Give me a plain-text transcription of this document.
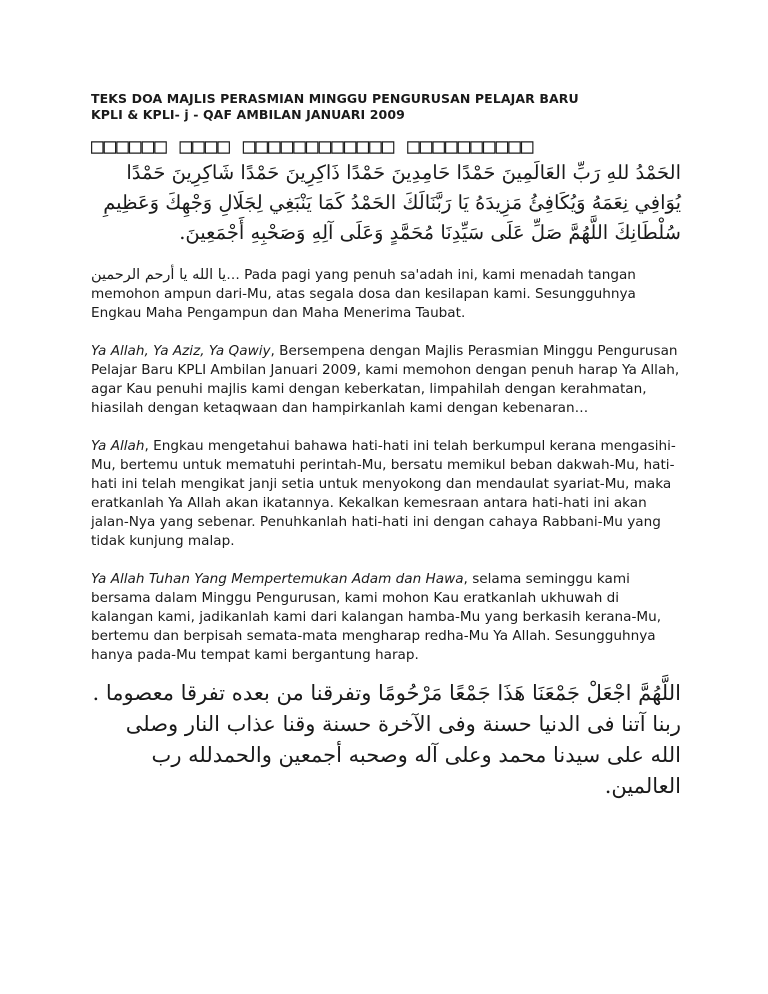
TEKS DOA MAJLIS PERASMIAN MINGGU PENGURUSAN PELAJAR BARU
KPLI & KPLI- j - QAF AMBILAN JANUARI 2009

□□□□□□ □□□□ □□□□□□□□□□□□ □□□□□□□□□□

الحَمْدُ للهِ رَبِّ العَالَمِينَ حَمْدًا حَامِدِينَ حَمْدًا ذَاكِرِينَ حَمْدًا شَاكِرِينَ حَمْدًا يُوَافِي نِعَمَهُ وَيُكَافِئُ مَزِيدَهُ يَا رَبَّنَالَكَ الحَمْدُ كَمَا يَنْبَغِي لِجَلَالِ وَجْهِكَ وَعَظِيمِ سُلْطَانِكَ اللَّهُمَّ صَلِّ عَلَى سَيِّدِنَا مُحَمَّدٍ وَعَلَى آلِهِ وَصَحْبِهِ أَجْمَعِينَ.

يا الله يا أرحم الرحمين… Pada pagi yang penuh sa'adah ini, kami menadah tangan memohon ampun dari-Mu, atas segala dosa dan kesilapan kami. Sesungguhnya Engkau Maha Pengampun dan Maha Menerima Taubat.

Ya Allah, Ya Aziz, Ya Qawiy, Bersempena dengan Majlis Perasmian Minggu Pengurusan Pelajar Baru KPLI Ambilan Januari 2009, kami memohon dengan penuh harap Ya Allah, agar Kau penuhi majlis kami dengan keberkatan, limpahilah dengan kerahmatan, hiasilah dengan ketaqwaan dan hampirkanlah kami dengan kebenaran…

Ya Allah, Engkau mengetahui bahawa hati-hati ini telah berkumpul kerana mengasihi-Mu, bertemu untuk mematuhi perintah-Mu, bersatu memikul beban dakwah-Mu, hati-hati ini telah mengikat janji setia untuk menyokong dan mendaulat syariat-Mu, maka eratkanlah Ya Allah akan ikatannya. Kekalkan kemesraan antara hati-hati ini akan jalan-Nya yang sebenar. Penuhkanlah hati-hati ini dengan cahaya Rabbani-Mu yang tidak kunjung malap.

Ya Allah Tuhan Yang Mempertemukan Adam dan Hawa, selama seminggu kami bersama dalam Minggu Pengurusan, kami mohon Kau eratkanlah ukhuwah di kalangan kami, jadikanlah kami dari kalangan hamba-Mu yang berkasih kerana-Mu, bertemu dan berpisah semata-mata mengharap redha-Mu Ya Allah. Sesungguhnya hanya pada-Mu tempat kami bergantung harap.

اللَّهُمَّ اجْعَلْ جَمْعَنَا هَذَا جَمْعًا مَرْحُومًا وتفرقنا من بعده تفرقا معصوما . ربنا آتنا فى الدنيا حسنة وفى الآخرة حسنة وقنا عذاب النار وصلى الله على سيدنا محمد وعلى آله وصحبه أجمعين والحمدلله رب العالمين.
